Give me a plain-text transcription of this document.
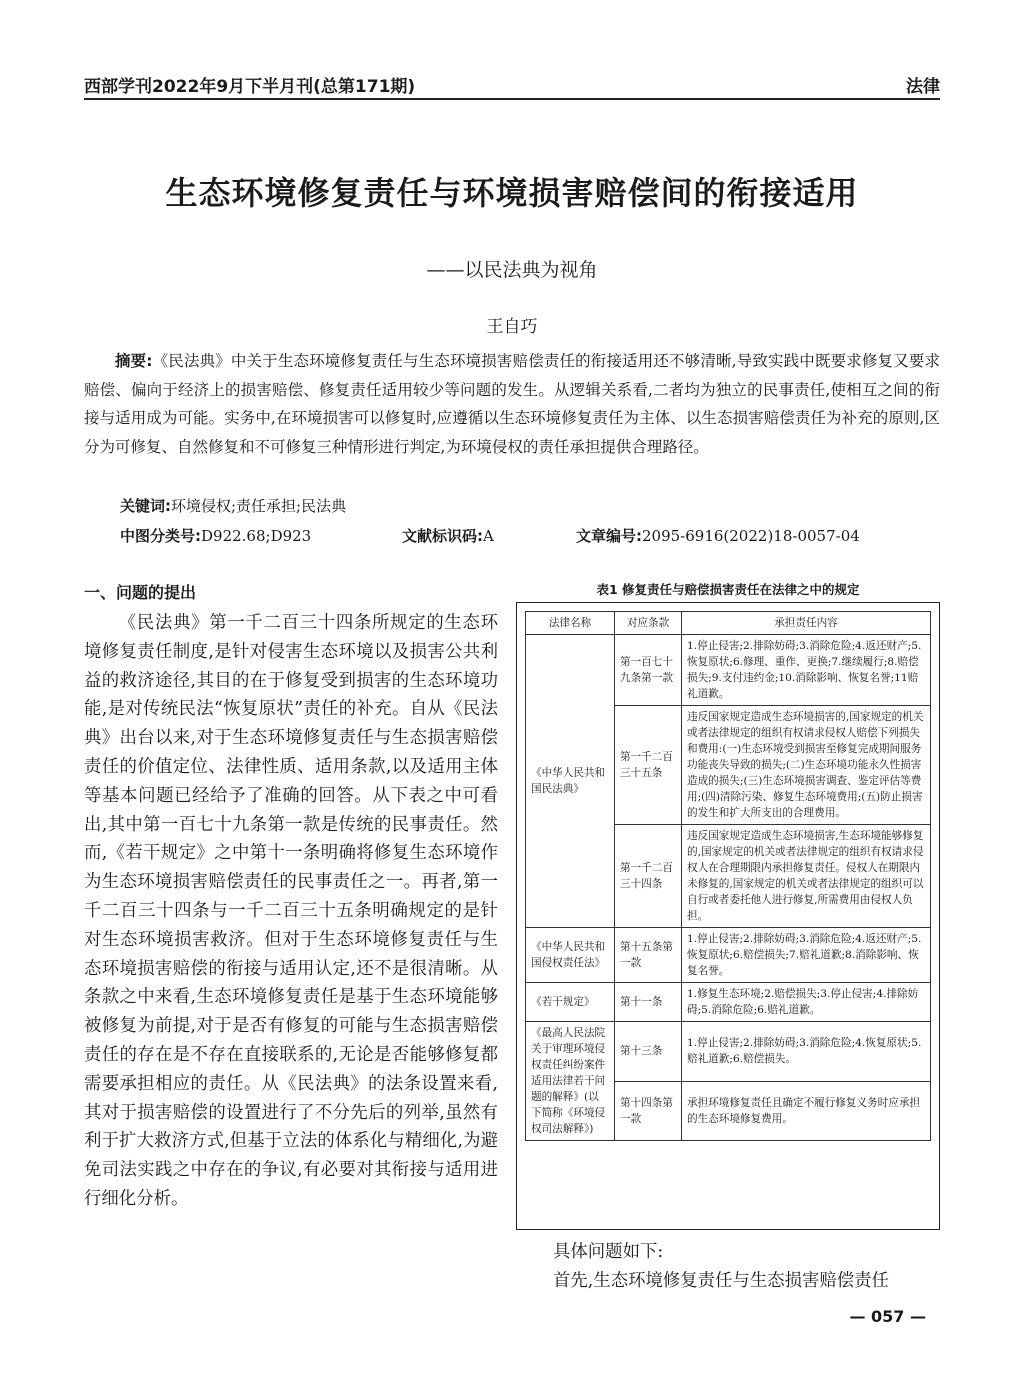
西部学刊2022年9月下半月刊(总第171期)	法律
生态环境修复责任与环境损害赔偿间的衔接适用
——以民法典为视角
王自巧
摘要:《民法典》中关于生态环境修复责任与生态环境损害赔偿责任的衔接适用还不够清晰,导致实践中既要求修复又要求赔偿、偏向于经济上的损害赔偿、修复责任适用较少等问题的发生。从逻辑关系看,二者均为独立的民事责任,使相互之间的衔接与适用成为可能。实务中,在环境损害可以修复时,应遵循以生态环境修复责任为主体、以生态损害赔偿责任为补充的原则,区分为可修复、自然修复和不可修复三种情形进行判定,为环境侵权的责任承担提供合理路径。
关键词:环境侵权;责任承担;民法典
中图分类号:D922.68;D923	文献标识码:A	文章编号:2095-6916(2022)18-0057-04
一、问题的提出

《民法典》第一千二百三十四条所规定的生态环境修复责任制度,是针对侵害生态环境以及损害公共利益的救济途径,其目的在于修复受到损害的生态环境功能,是对传统民法“恢复原状”责任的补充。自从《民法典》出台以来,对于生态环境修复责任与生态损害赔偿责任的价值定位、法律性质、适用条款,以及适用主体等基本问题已经给予了准确的回答。从下表之中可看出,其中第一百七十九条第一款是传统的民事责任。然而,《若干规定》之中第十一条明确将修复生态环境作为生态环境损害赔偿责任的民事责任之一。再者,第一千二百三十四条与一千二百三十五条明确规定的是针对生态环境损害救济。但对于生态环境修复责任与生态环境损害赔偿的衔接与适用认定,还不是很清晰。从条款之中来看,生态环境修复责任是基于生态环境能够被修复为前提,对于是否有修复的可能与生态损害赔偿责任的存在是不存在直接联系的,无论是否能够修复都需要承担相应的责任。从《民法典》的法条设置来看,其对于损害赔偿的设置进行了不分先后的列举,虽然有利于扩大救济方式,但基于立法的体系化与精细化,为避免司法实践之中存在的争议,有必要对其衔接与适用进行细化分析。

表1 修复责任与赔偿损害责任在法律之中的规定
法律名称	对应条款	承担责任内容
《中华人民共和国民法典》	第一百七十九条第一款	1.停止侵害;2.排除妨碍;3.消除危险;4.返还财产;5.恢复原状;6.修理、重作、更换;7.继续履行;8.赔偿损失;9.支付违约金;10.消除影响、恢复名誉;11赔礼道歉。
	第一千二百三十五条	违反国家规定造成生态环境损害的,国家规定的机关或者法律规定的组织有权请求侵权人赔偿下列损失和费用:(一)生态环境受到损害至修复完成期间服务功能丧失导致的损失;(二)生态环境功能永久性损害造成的损失;(三)生态环境损害调查、鉴定评估等费用;(四)清除污染、修复生态环境费用;(五)防止损害的发生和扩大所支出的合理费用。
	第一千二百三十四条	违反国家规定造成生态环境损害,生态环境能够修复的,国家规定的机关或者法律规定的组织有权请求侵权人在合理期限内承担修复责任。侵权人在期限内未修复的,国家规定的机关或者法律规定的组织可以自行或者委托他人进行修复,所需费用由侵权人负担。
《中华人民共和国侵权责任法》	第十五条第一款	1.停止侵害;2.排除妨碍;3.消除危险;4.返还财产;5.恢复原状;6.赔偿损失;7.赔礼道歉;8.消除影响、恢复名誉。
《若干规定》	第十一条	1.修复生态环境;2.赔偿损失;3.停止侵害;4.排除妨碍;5.消除危险;6.赔礼道歉。
《最高人民法院关于审理环境侵权责任纠纷案件适用法律若干问题的解释》(以下简称《环境侵权司法解释》)	第十三条	1.停止侵害;2.排除妨碍;3.消除危险;4.恢复原状;5.赔礼道歉;6.赔偿损失。
	第十四条第一款	承担环境修复责任且确定不履行修复义务时应承担的生态环境修复费用。
具体问题如下:
首先,生态环境修复责任与生态损害赔偿责任
— 057 —
